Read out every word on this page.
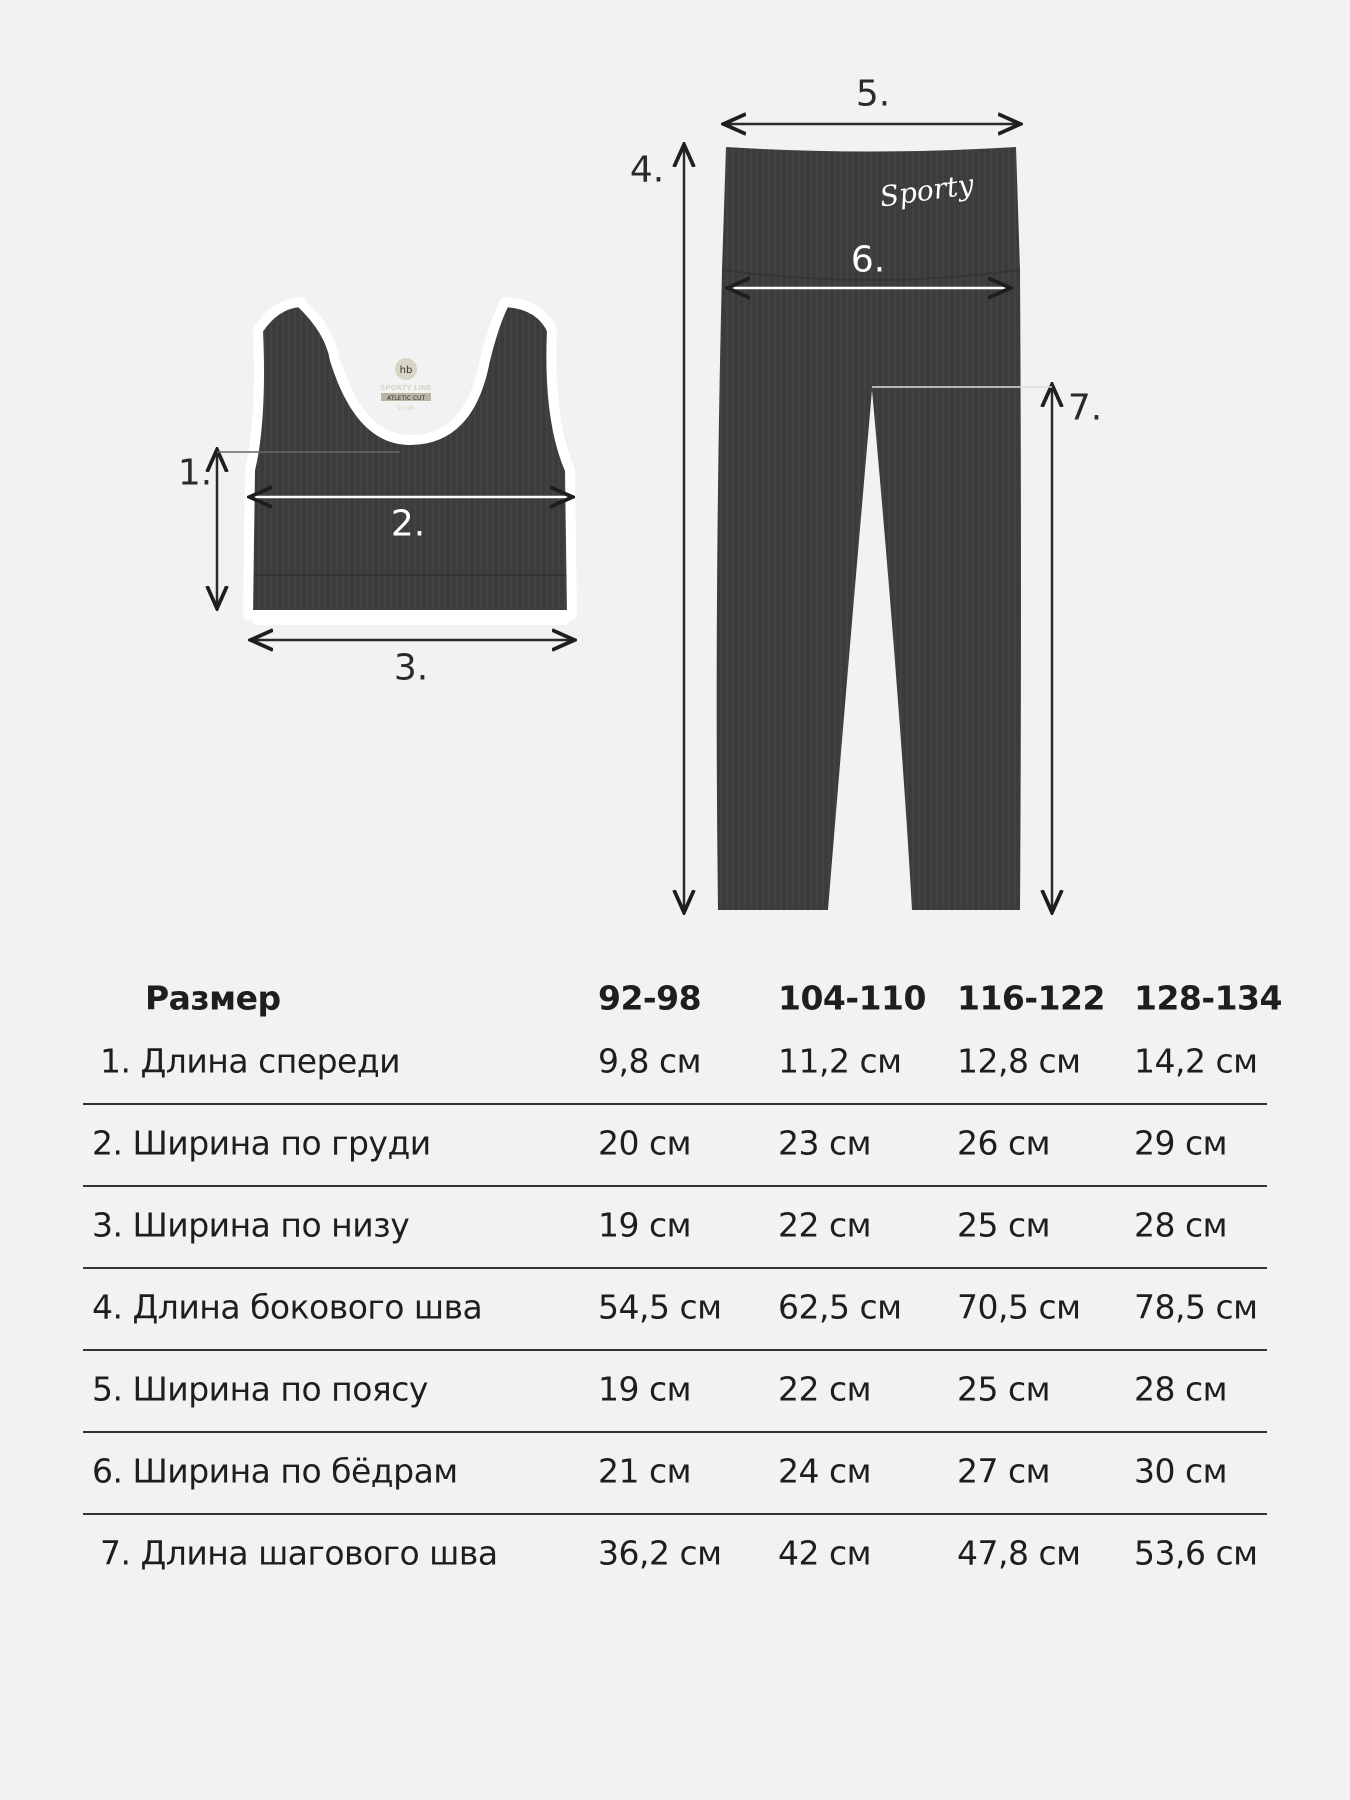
hb
SPORTY LINE
ATLETIC CUT
92-98
Sporty
1.
2.
3.
4.
5.
6.
7.
Размер	92-98 104-110 116-122 128-134
1. Длина спереди	9,8 см 11,2 см 12,8 см 14,2 см
2. Ширина по груди	20 см	23 см	26 см	29 см
3. Ширина по низу	19 см	22 см	25 см	28 см
4. Длина бокового шва	54,5 см 62,5 см 70,5 см 78,5 см
5. Ширина по поясу	19 см	22 см	25 см	28 см
6. Ширина по бёдрам	21 см	24 см	27 см	30 см
7. Длина шагового шва	36,2 см 42 см	47,8 см 53,6 см
